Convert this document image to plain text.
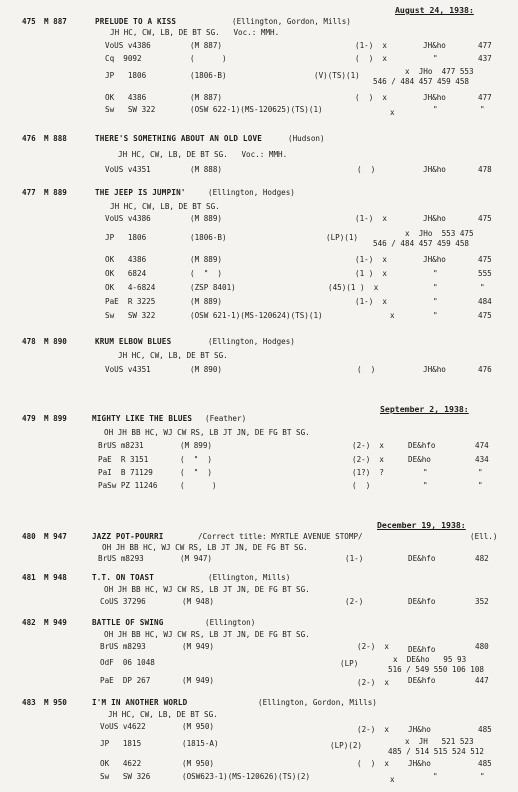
August 24, 1938:
September 2, 1938:
December 19, 1938:
475 M 887	PRELUDE TO A KISS	(Ellington, Gordon, Mills)
JH HC, CW, LB, DE BT SG.   Voc.: MMH.
VoUS v4386	(M 887)	(1-)  x	JH&ho	477
Cq  9092	(      )	(  )  x	"	437
JP   1806	(1806-B)	(V)(TS)(1)	x  JHo  477 553
546 / 484 457 459 458
OK   4386	(M 887)	(  )  x	JH&ho	477
Sw   SW 322	(OSW 622-1)(MS-120625)(TS)(1)	x	"	"
476 M 888	THERE'S SOMETHING ABOUT AN OLD LOVE	(Hudson)
JH HC, CW, LB, DE BT SG.   Voc.: MMH.
VoUS v4351	(M 888)	(  )	JH&ho	478
477 M 889	THE JEEP IS JUMPIN'	(Ellington, Hodges)
JH HC, CW, LB, DE BT SG.
VoUS v4386	(M 889)	(1-)  x	JH&ho	475
JP   1806	(1806-B)	(LP)(1)	x  JHo  553 475
546 / 484 457 459 458
OK   4386	(M 889)	(1-)  x	JH&ho	475
OK   6824	(  "  )	(1 )  x	"	555
OK   4-6824	(ZSP 8401)	(45)(1 )  x	"	"
PaE  R 3225	(M 889)	(1-)  x	"	484
Sw   SW 322	(OSW 621-1)(MS-120624)(TS)(1)	x	"	475
478 M 890	KRUM ELBOW BLUES	(Ellington, Hodges)
JH HC, CW, LB, DE BT SG.
VoUS v4351	(M 890)	(  )	JH&ho	476
479 M 899	MIGHTY LIKE THE BLUES (Feather)
OH JH BB HC, WJ CW RS, LB JT JN, DE FG BT SG.
BrUS m8231	(M 899)	(2-)  x	DE&hfo	474
PaE  R 3151	(  "  )	(2-)  x	DE&ho	434
PaI  B 71129	(  "  )	(1?)  ?	"	"
PaSw PZ 11246	(      )	(  )	"	"
480 M 947	JAZZ POT-POURRI	/Correct title: MYRTLE AVENUE STOMP/	(Ell.)
OH JH BB HC, WJ CW RS, LB JT JN, DE FG BT SG.
BrUS m8293	(M 947)	(1-)	DE&hfo	482
481 M 948	T.T. ON TOAST	(Ellington, Mills)
OH JH BB HC, WJ CW RS, LB JT JN, DE FG BT SG.
CoUS 37296	(M 948)	(2-)	DE&hfo	352
482 M 949	BATTLE OF SWING	(Ellington)
OH JH BB HC, WJ CW RS, LB JT JN, DE FG BT SG.
BrUS m8293	(M 949)	(2-)  x DE&hfo	480
OdF  06 1048	(LP)	x  DE&ho   95 93
516 / 549 550 106 108
PaE  DP 267	(M 949)	(2-)  x DE&hfo	447
483 M 950	I'M IN ANOTHER WORLD	(Ellington, Gordon, Mills)
JH HC, CW, LB, DE BT SG.
VoUS v4622	(M 950)	(2-)  x JH&ho	485
JP   1815	(1815-A)	(LP)(2)	x  JH   521 523
485 / 514 515 524 512
OK   4622	(M 950)	(  )  x JH&ho	485
Sw   SW 326	(OSW623-1)(MS-120626)(TS)(2)	x	"	"
